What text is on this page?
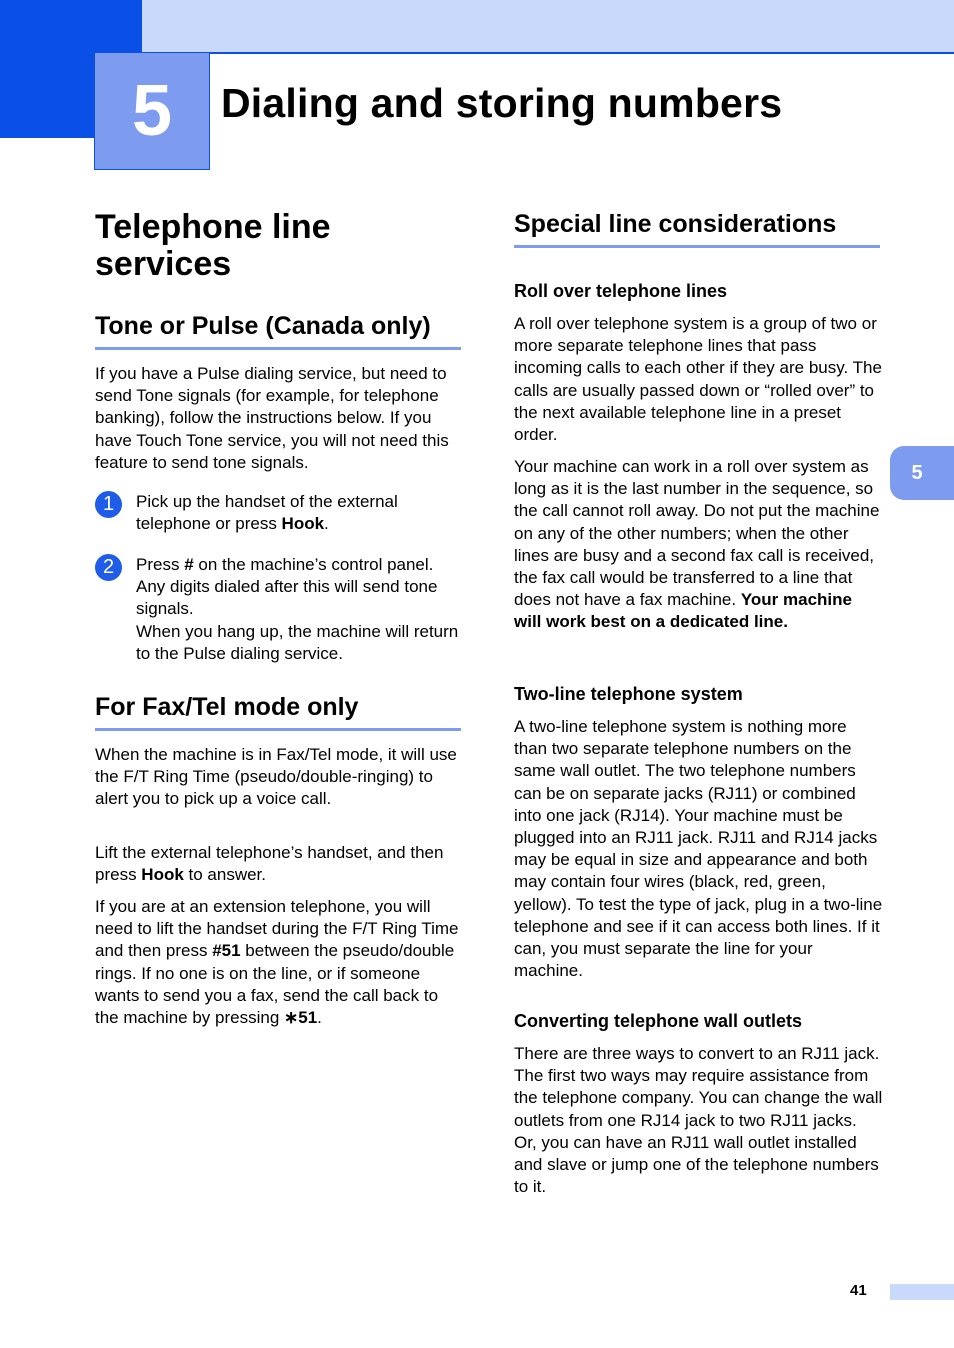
5 Dialing and storing numbers
Telephone line services
Tone or Pulse (Canada only)

If you have a Pulse dialing service, but need to send Tone signals (for example, for telephone banking), follow the instructions below. If you have Touch Tone service, you will not need this feature to send tone signals.

1	Pick up the handset of the external telephone or press Hook.
2	Press # on the machine’s control panel. Any digits dialed after this will send tone signals.
When you hang up, the machine will return to the Pulse dialing service.
For Fax/Tel mode only

When the machine is in Fax/Tel mode, it will use the F/T Ring Time (pseudo/double-ringing) to alert you to pick up a voice call.

Lift the external telephone’s handset, and then press Hook to answer.

If you are at an extension telephone, you will need to lift the handset during the F/T Ring Time and then press #51 between the pseudo/double rings. If no one is on the line, or if someone wants to send you a fax, send the call back to the machine by pressing ∗51.

Special line considerations
Roll over telephone lines

A roll over telephone system is a group of two or more separate telephone lines that pass incoming calls to each other if they are busy. The calls are usually passed down or “rolled over” to the next available telephone line in a preset order.

Your machine can work in a roll over system as long as it is the last number in the sequence, so the call cannot roll away. Do not put the machine on any of the other numbers; when the other lines are busy and a second fax call is received, the fax call would be transferred to a line that does not have a fax machine. Your machine will work best on a dedicated line.

Two-line telephone system

A two-line telephone system is nothing more than two separate telephone numbers on the same wall outlet. The two telephone numbers can be on separate jacks (RJ11) or combined into one jack (RJ14). Your machine must be plugged into an RJ11 jack. RJ11 and RJ14 jacks may be equal in size and appearance and both may contain four wires (black, red, green, yellow). To test the type of jack, plug in a two-line telephone and see if it can access both lines. If it can, you must separate the line for your machine.

Converting telephone wall outlets

There are three ways to convert to an RJ11 jack. The first two ways may require assistance from the telephone company. You can change the wall outlets from one RJ14 jack to two RJ11 jacks. Or, you can have an RJ11 wall outlet installed and slave or jump one of the telephone numbers to it.

5
41
